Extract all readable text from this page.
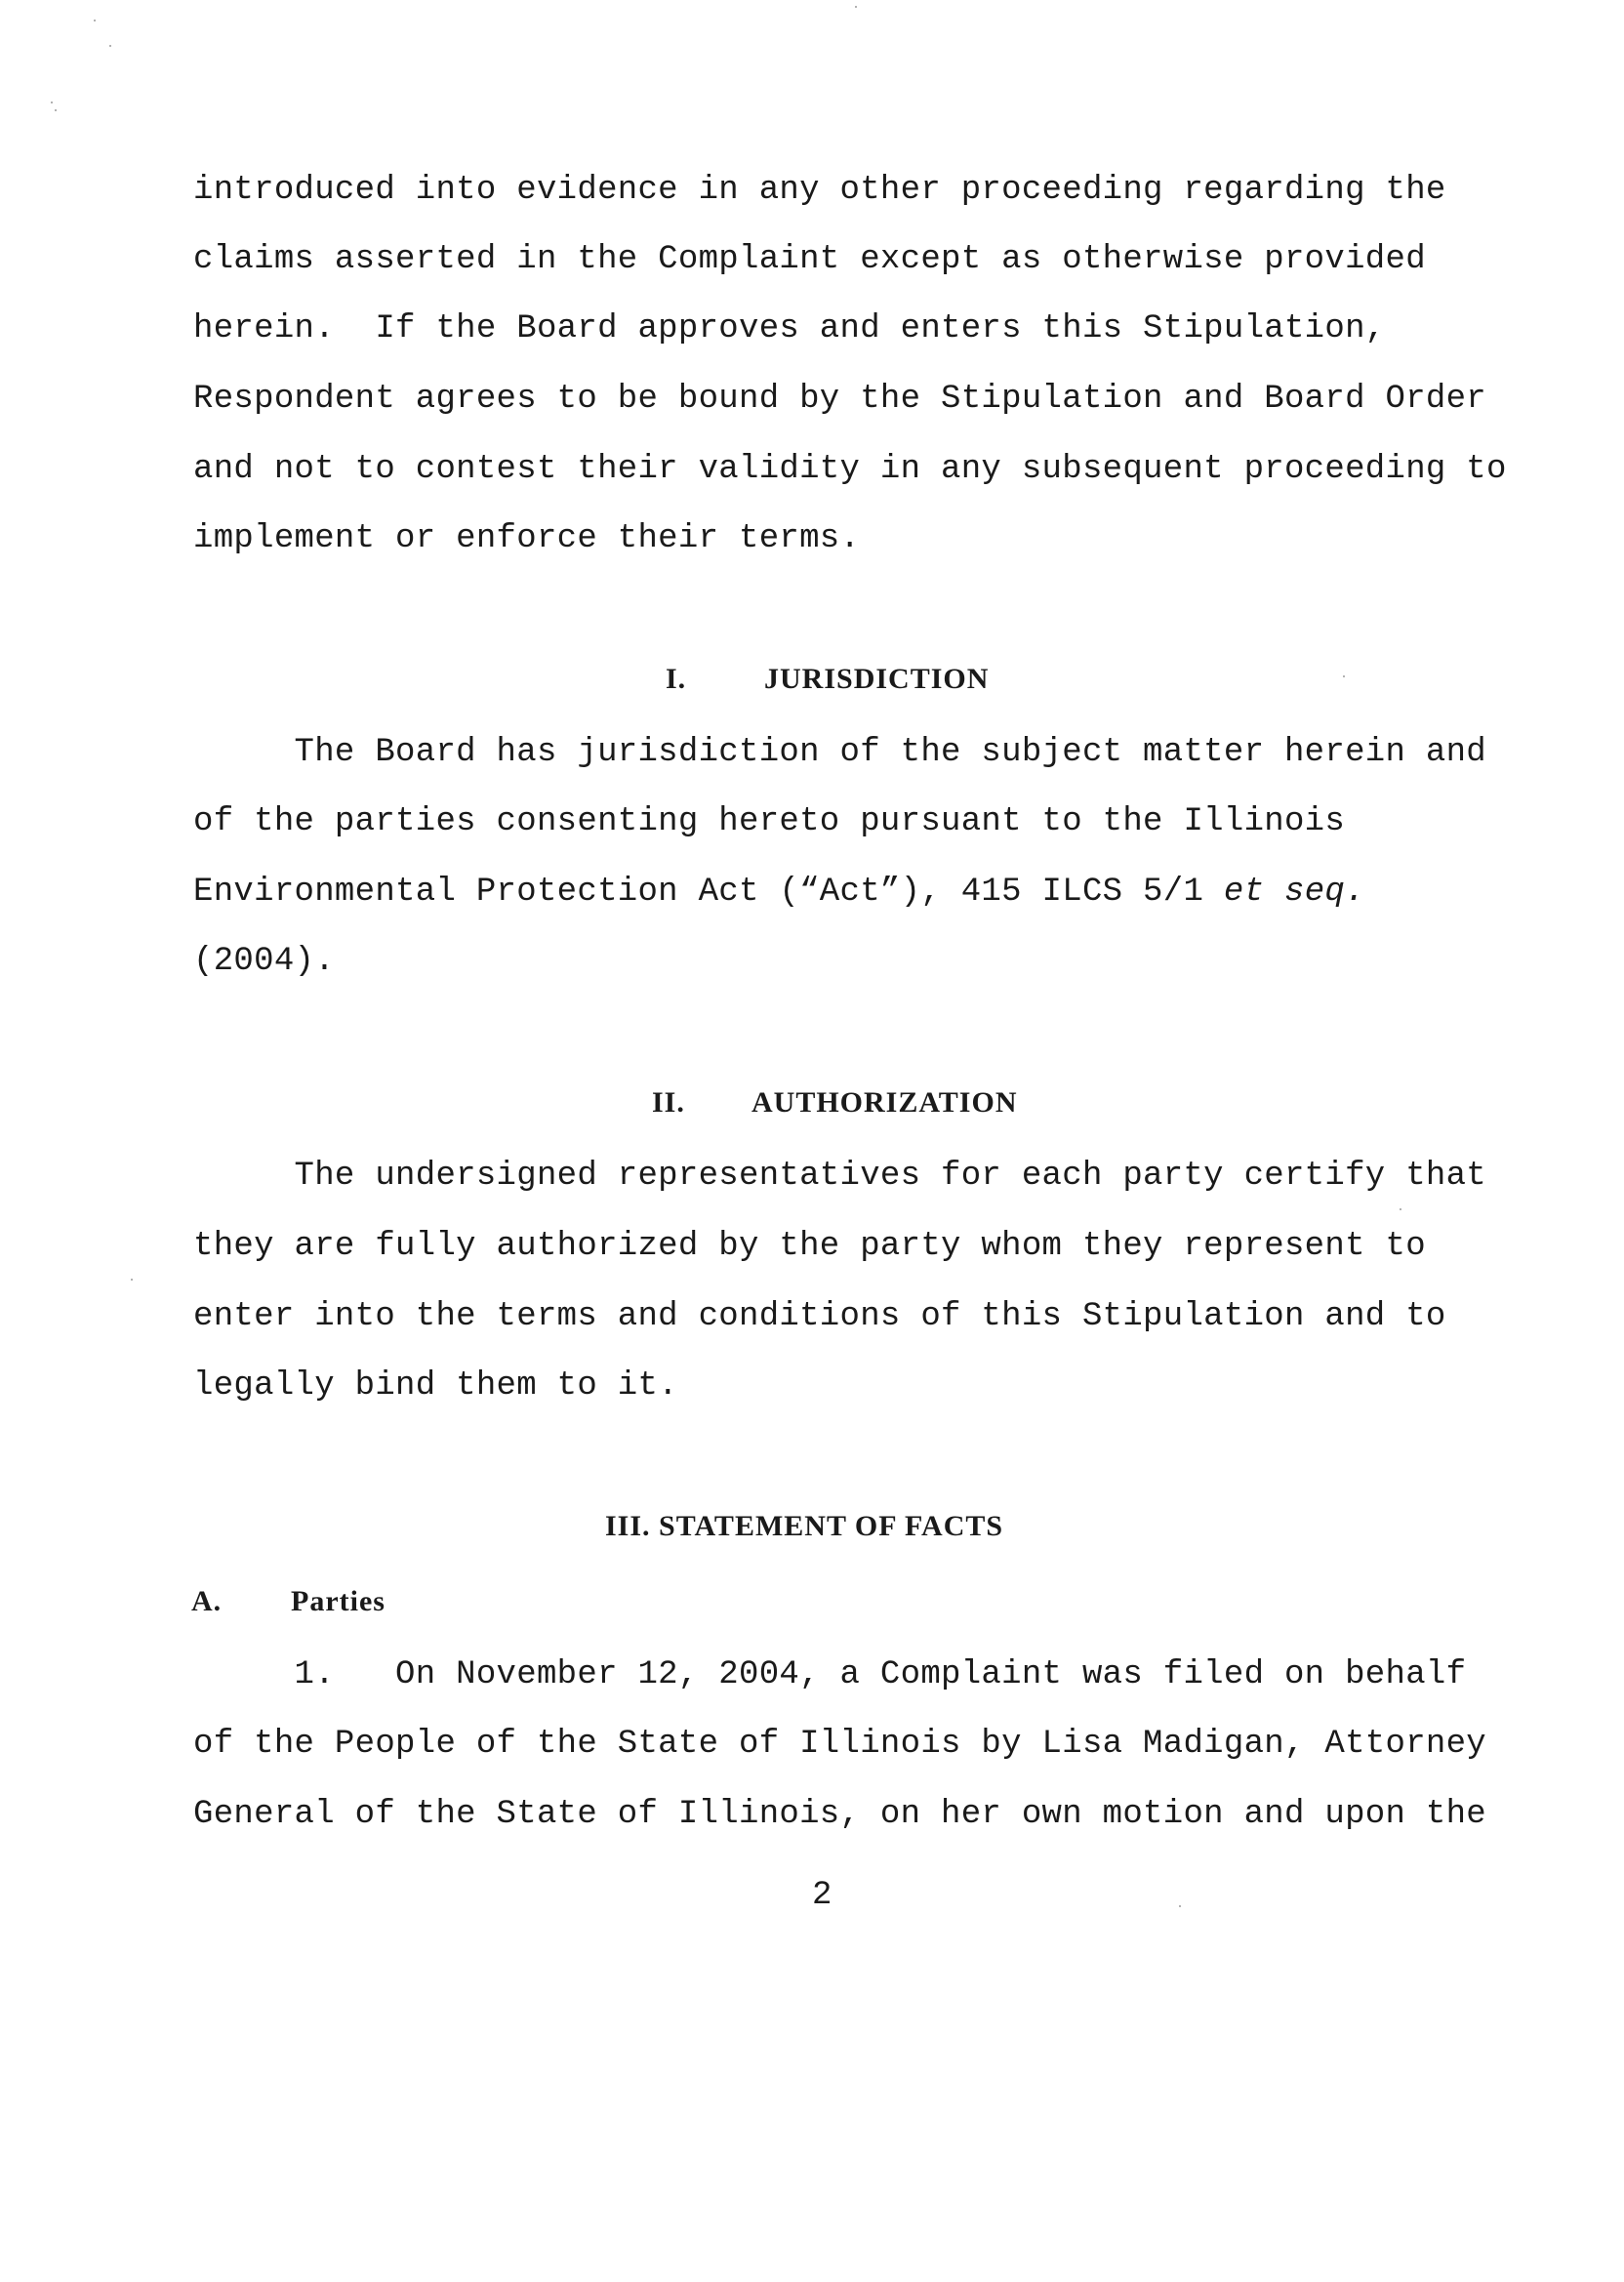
introduced into evidence in any other proceeding regarding the
claims asserted in the Complaint except as otherwise provided
herein.  If the Board approves and enters this Stipulation,
Respondent agrees to be bound by the Stipulation and Board Order
and not to contest their validity in any subsequent proceeding to
implement or enforce their terms.
I.	JURISDICTION
The Board has jurisdiction of the subject matter herein and
of the parties consenting hereto pursuant to the Illinois
Environmental Protection Act (“Act”), 415 ILCS 5/1 et seq.
(2004).
II. AUTHORIZATION
The undersigned representatives for each party certify that
they are fully authorized by the party whom they represent to
enter into the terms and conditions of this Stipulation and to
legally bind them to it.
III. STATEMENT OF FACTS
A. Parties
1.   On November 12, 2004, a Complaint was filed on behalf
of the People of the State of Illinois by Lisa Madigan, Attorney
General of the State of Illinois, on her own motion and upon the
2
